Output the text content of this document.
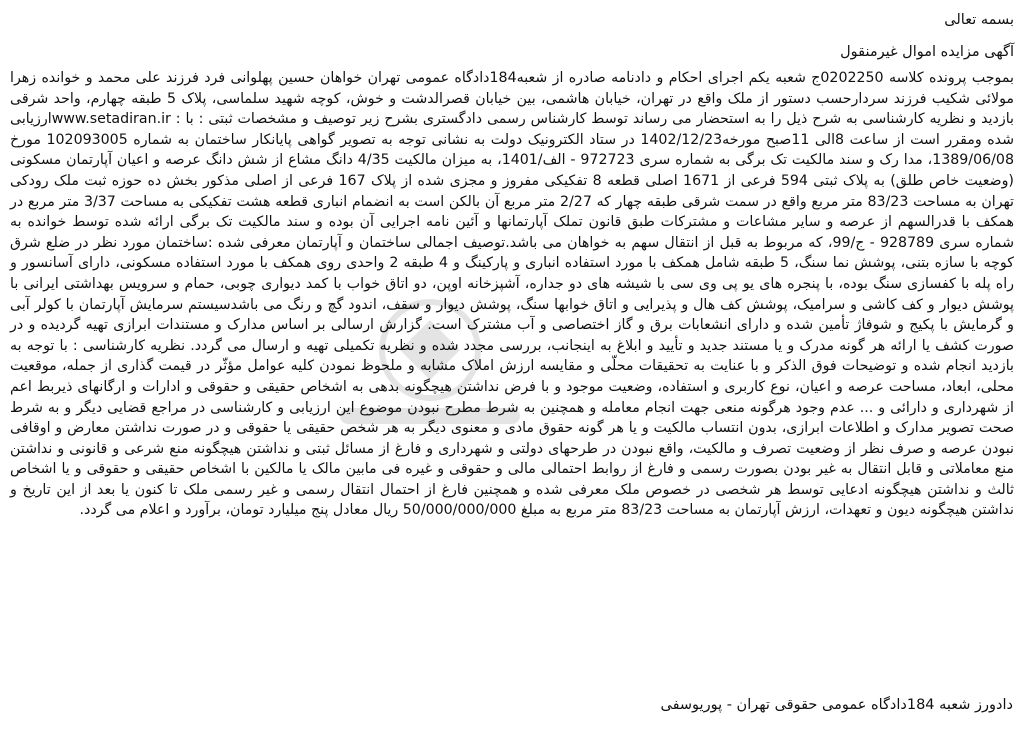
بسمه تعالی

آگهی مزایده اموال غیرمنقول

بموجب پرونده کلاسه 0202250ج شعبه یکم اجرای احکام و دادنامه صادره از شعبه184دادگاه عمومی تهران خواهان حسین پهلوانی فرد فرزند علی محمد و خوانده زهرا مولائی شکیب فرزند سردارحسب دستور از ملک واقع در تهران، خیابان هاشمی، بین خیابان قصرالدشت و خوش، کوچه شهید سلماسی، پلاک 5 طبقه چهارم، واحد شرقی بازدید و نظریه کارشناسی به شرح ذیل را به استحضار می رساند توسط کارشناس رسمی دادگستری بشرح زیر توصیف و مشخصات ثبتی : با : www.setadiran.irارزیابی شده ومقرر است از ساعت 8الی 11صبح مورخه1402/12/23 در ستاد الکترونیک دولت به نشانی توجه به تصویر گواهی پایانکار ساختمان به شماره 102093005 مورخ 1389/06/08، مدا رک و سند مالکیت تک برگی به شماره سری 972723 - الف/1401، به میزان مالکیت 4/35 دانگ مشاع از شش دانگ عرصه و اعیان آپارتمان مسکونی (وضعیت خاص طلق) به پلاک ثبتی 594 فرعی از 1671 اصلی قطعه 8 تفکیکی مفروز و مجزی شده از پلاک 167 فرعی از اصلی مذکور بخش ده حوزه ثبت ملک رودکی تهران به مساحت 83/23 متر مربع واقع در سمت شرقی طبقه چهار که 2/27 متر مربع آن بالکن است به انضمام انباری قطعه هشت تفکیکی به مساحت 3/37 متر مربع در همکف با قدرالسهم از عرصه و سایر مشاعات و مشترکات طبق قانون تملک آپارتمانها و آئین نامه اجرایی آن بوده و سند مالکیت تک برگی ارائه شده توسط خوانده به شماره سری 928789 - ج/99، که مربوط به قبل از انتقال سهم به خواهان می باشد.توصیف اجمالی ساختمان و آپارتمان معرفی شده :ساختمان مورد نظر در ضلع شرق کوچه با سازه بتنی، پوشش نما سنگ، 5 طبقه شامل همکف با مورد استفاده انباری و پارکینگ و 4 طبقه 2 واحدی روی همکف با مورد استفاده مسکونی، دارای آسانسور و راه پله با کفسازی سنگ بوده، با پنجره های یو پی وی سی با شیشه های دو جداره، آشپزخانه اوپن، دو اتاق خواب با کمد دیواری چوبی، حمام و سرویس بهداشتی ایرانی با پوشش دیوار و کف کاشی و سرامیک، پوشش کف هال و پذیرایی و اتاق خوابها سنگ، پوشش دیوار و سقف، اندود گچ و رنگ می باشدسیستم سرمایش آپارتمان با کولر آبی و گرمایش با پکیج و شوفاژ تأمین شده و دارای انشعابات برق و گاز اختصاصی و آب مشترک است. گزارش ارسالی بر اساس مدارک و مستندات ابرازی تهیه گردیده و در صورت کشف یا ارائه هر گونه مدرک و یا مستند جدید و تأیید و ابلاغ به اینجانب، بررسی مجدد شده و نظریه تکمیلی تهیه و ارسال می گردد. نظریه کارشناسی : با توجه به بازدید انجام شده و توضیحات فوق الذکر و با عنایت به تحقیقات محلّی و مقایسه ارزش املاک مشابه و ملحوظ نمودن کلیه عوامل مؤثّر در قیمت گذاری از جمله، موقعیت محلی، ابعاد، مساحت عرصه و اعیان، نوع کاربری و استفاده، وضعیت موجود و با فرض نداشتن هیچگونه بدهی به اشخاص حقیقی و حقوقی و ادارات و ارگانهای ذیربط اعم از شهرداری و دارائی و ... عدم وجود هرگونه منعی جهت انجام معامله و همچنین به شرط مطرح نبودن موضوع این ارزیابی و کارشناسی در مراجع قضایی دیگر و به شرط صحت تصویر مدارک و اطلاعات ابرازی، بدون انتساب مالکیت و یا هر گونه حقوق مادی و معنوی دیگر به هر شخص حقیقی یا حقوقی و در صورت نداشتن معارض و اوقافی نبودن عرصه و صرف نظر از وضعیت تصرف و مالکیت، واقع نبودن در طرحهای دولتی و شهرداری و فارغ از مسائل ثبتی و نداشتن هیچگونه منع شرعی و قانونی و نداشتن منع معاملاتی و قابل انتقال به غیر بودن بصورت رسمی و فارغ از روابط احتمالی مالی و حقوقی و غیره فی مابین مالک یا مالکین با اشخاص حقیقی و حقوقی و یا اشخاص ثالث و نداشتن هیچگونه ادعایی توسط هر شخصی در خصوص ملک معرفی شده و همچنین فارغ از احتمال انتقال رسمی و غیر رسمی ملک تا کنون یا بعد از این تاریخ و نداشتن هیچگونه دیون و تعهدات، ارزش آپارتمان به مساحت 83/23 متر مربع به مبلغ 50/000/000/000 ریال معادل پنج میلیارد تومان، برآورد و اعلام می گردد.

دادورز شعبه 184دادگاه عمومی حقوقی تهران - پوریوسفی
